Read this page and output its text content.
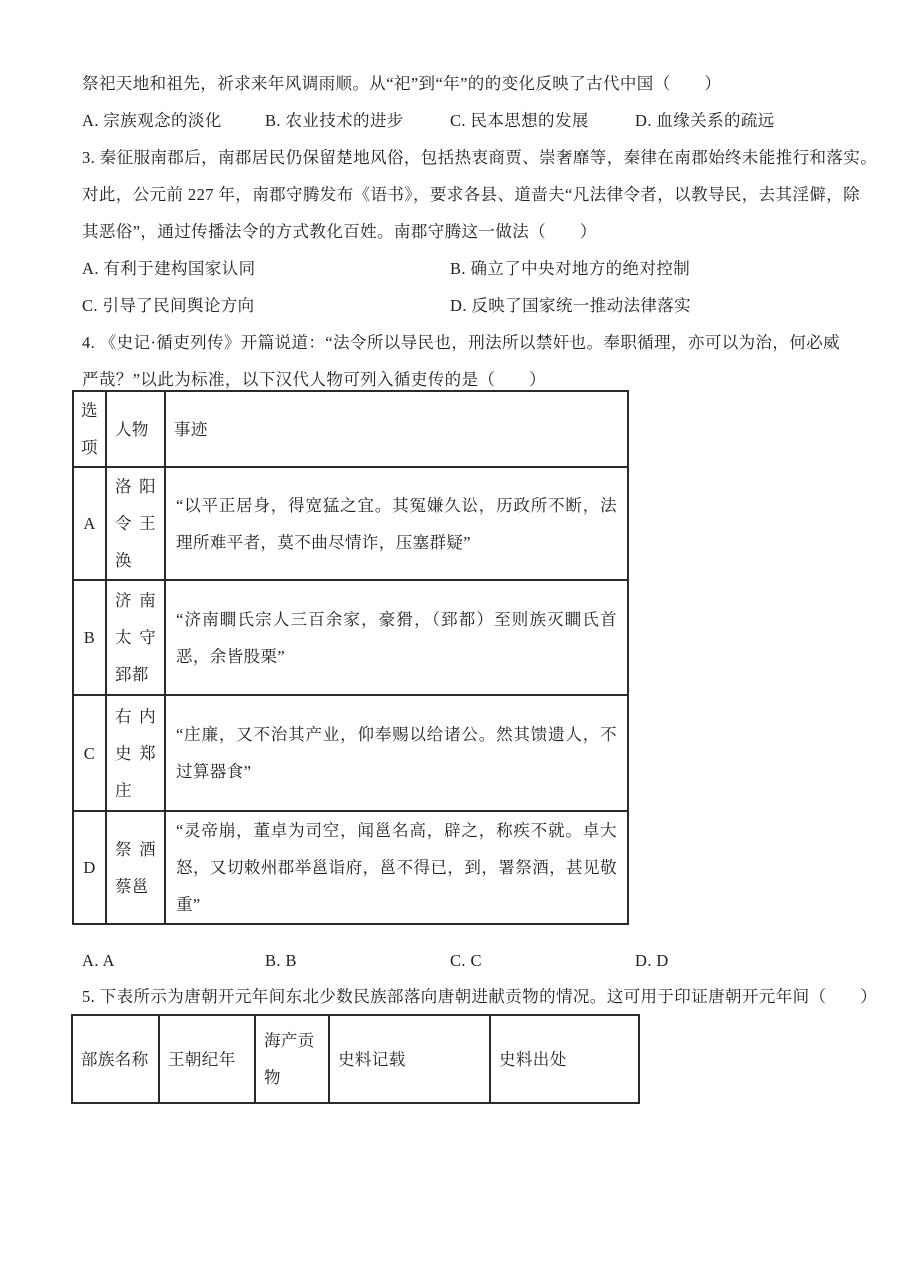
祭祀天地和祖先，祈求来年风调雨顺。从“祀”到“年”的的变化反映了古代中国（　　）
A. 宗族观念的淡化	B. 农业技术的进步	C. 民本思想的发展	D. 血缘关系的疏远
3. 秦征服南郡后，南郡居民仍保留楚地风俗，包括热衷商贾、崇奢靡等，秦律在南郡始终未能推行和落实。
对此，公元前 227 年，南郡守腾发布《语书》，要求各县、道啬夫“凡法律令者，以教导民，去其淫僻，除
其恶俗”，通过传播法令的方式教化百姓。南郡守腾这一做法（　　）
A. 有利于建构国家认同	B. 确立了中央对地方的绝对控制
C. 引导了民间舆论方向	D. 反映了国家统一推动法律落实
4. 《史记·循吏列传》开篇说道：“法令所以导民也，刑法所以禁奸也。奉职循理，亦可以为治，何必威
严哉？”以此为标准，以下汉代人物可列入循吏传的是（　　）
选项	人物	事迹
A	洛阳令王涣	“以平正居身，得宽猛之宜。其冤嫌久讼，历政所不断，法理所难平者，莫不曲尽情诈，压塞群疑”
B	济南太守郅都	“济南瞷氏宗人三百余家，豪猾，（郅都）至则族灭瞷氏首恶，余皆股栗”
C	右内史郑庄	“庄廉，又不治其产业，仰奉赐以给诸公。然其馈遗人，不过算器食”
D	祭酒蔡邕	“灵帝崩，董卓为司空，闻邕名高，辟之，称疾不就。卓大怒，又切敕州郡举邕诣府，邕不得已，到，署祭酒，甚见敬重”
A. A	B. B	C. C	D. D
5. 下表所示为唐朝开元年间东北少数民族部落向唐朝进献贡物的情况。这可用于印证唐朝开元年间（　　）
部族名称	王朝纪年	海产贡物	史料记载	史料出处
